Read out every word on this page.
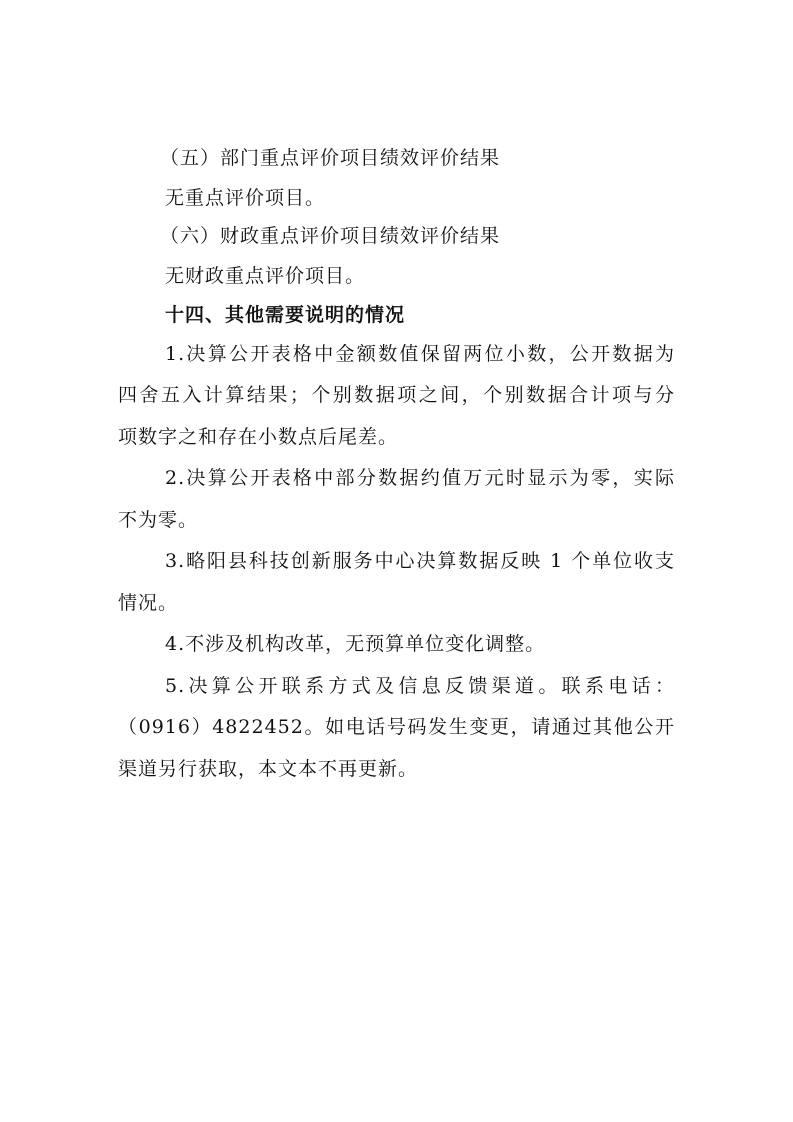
（五）部门重点评价项目绩效评价结果
无重点评价项目。
（六）财政重点评价项目绩效评价结果
无财政重点评价项目。
十四、其他需要说明的情况
1.决算公开表格中金额数值保留两位小数，公开数据为
四舍五入计算结果；个别数据项之间，个别数据合计项与分
项数字之和存在小数点后尾差。
2.决算公开表格中部分数据约值万元时显示为零，实际
不为零。
3.略阳县科技创新服务中心决算数据反映 1 个单位收支
情况。
4.不涉及机构改革，无预算单位变化调整。
5.决算公开联系方式及信息反馈渠道。联系电话：
（0916）4822452。如电话号码发生变更，请通过其他公开
渠道另行获取，本文本不再更新。
